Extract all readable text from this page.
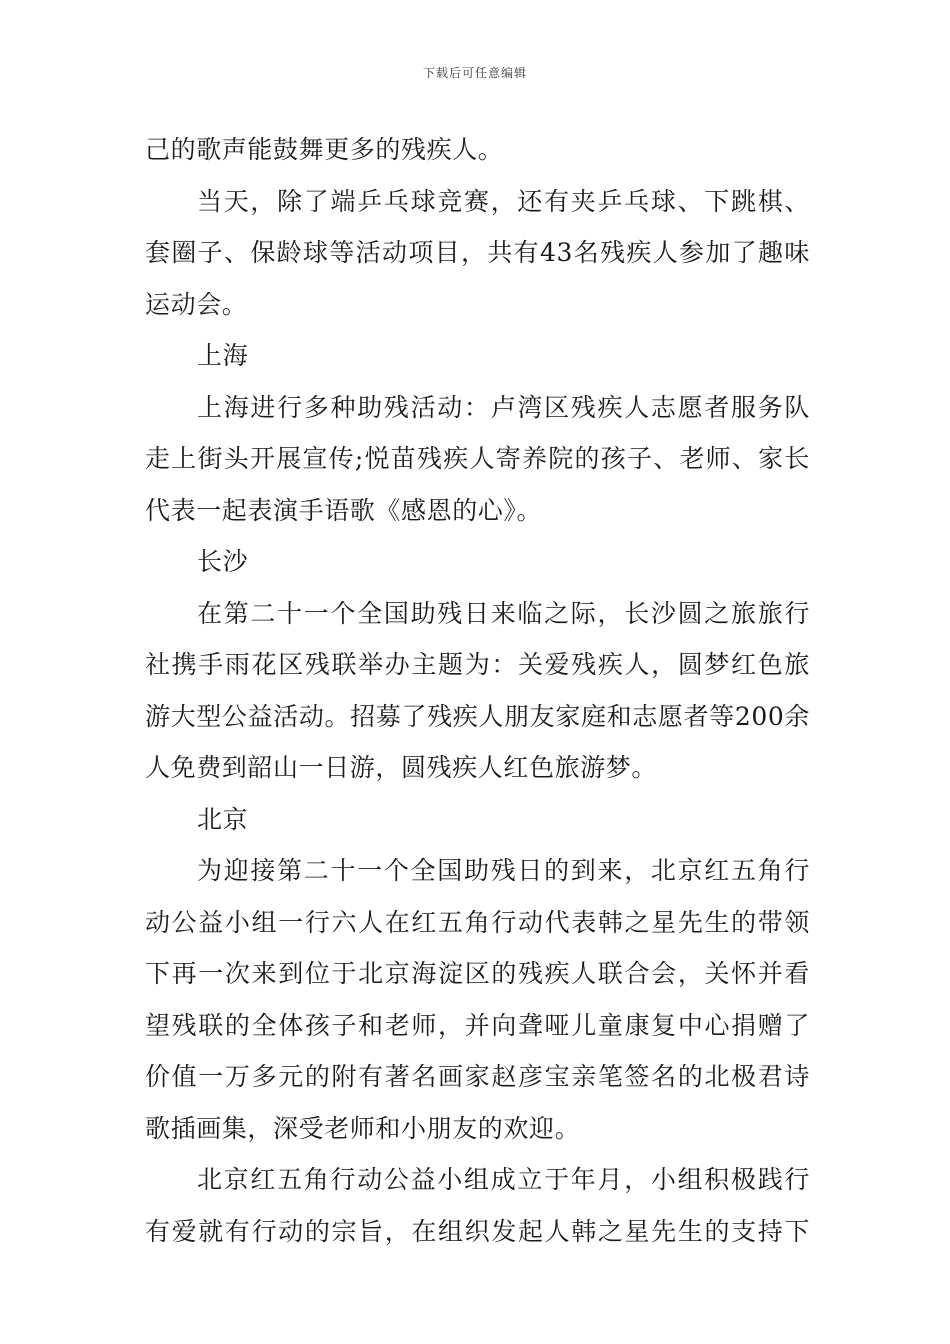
下载后可任意编辑
己的歌声能鼓舞更多的残疾人。
当天，除了端乒乓球竞赛，还有夹乒乓球、下跳棋、
套圈子、保龄球等活动项目，共有43名残疾人参加了趣味
运动会。
上海
上海进行多种助残活动：卢湾区残疾人志愿者服务队
走上街头开展宣传;悦苗残疾人寄养院的孩子、老师、家长
代表一起表演手语歌《感恩的心》。
长沙
在第二十一个全国助残日来临之际，长沙圆之旅旅行
社携手雨花区残联举办主题为：关爱残疾人，圆梦红色旅
游大型公益活动。招募了残疾人朋友家庭和志愿者等200余
人免费到韶山一日游，圆残疾人红色旅游梦。
北京
为迎接第二十一个全国助残日的到来，北京红五角行
动公益小组一行六人在红五角行动代表韩之星先生的带领
下再一次来到位于北京海淀区的残疾人联合会，关怀并看
望残联的全体孩子和老师，并向聋哑儿童康复中心捐赠了
价值一万多元的附有著名画家赵彦宝亲笔签名的北极君诗
歌插画集，深受老师和小朋友的欢迎。
北京红五角行动公益小组成立于年月，小组积极践行
有爱就有行动的宗旨，在组织发起人韩之星先生的支持下
